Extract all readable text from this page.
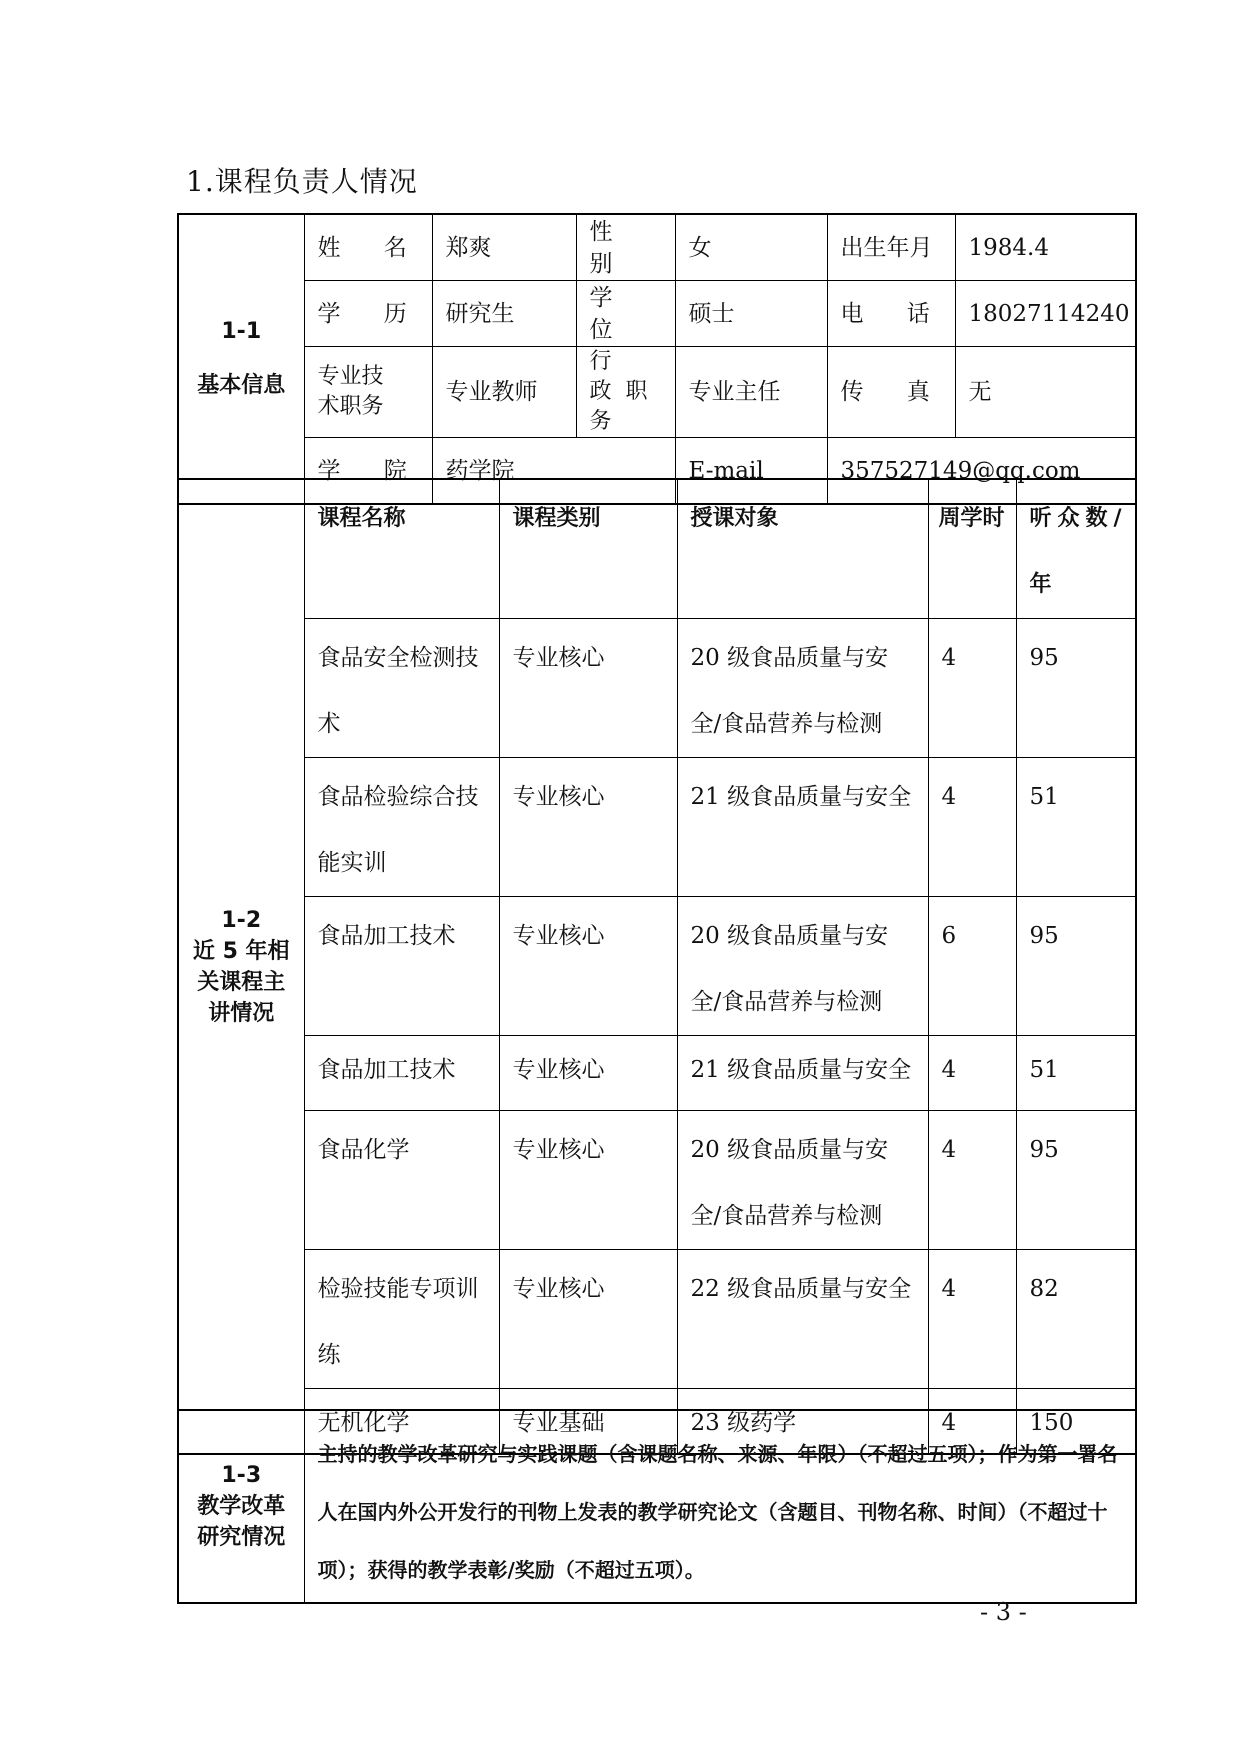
1.课程负责人情况
1-1
基本信息	姓 名	郑爽	性 别	女	出生年月	1984.4
	学 历	研究生	学 位	硕士	电 话	18027114240

	专业技术职务	专业教师	行 政职 务	专业主任	传 真	无
	学 院	药学院		E-mail	357527149@qq.com	
1-2
近 5 年相
关课程主
讲情况	课程名称	课程类别	授课对象	周学时	听众数/年
	食品安全检测技术	专业核心	20 级食品质量与安全/食品营养与检测	4	95
	食品检验综合技能实训	专业核心	21 级食品质量与安全	4	51
	食品加工技术	专业核心	20 级食品质量与安全/食品营养与检测	6	95
	食品加工技术	专业核心	21 级食品质量与安全	4	51
	食品化学	专业核心	20 级食品质量与安全/食品营养与检测	4	95
	检验技能专项训练	专业核心	22 级食品质量与安全	4	82
	无机化学	专业基础	23 级药学	4	150
1-3
教学改革
研究情况
	主持的教学改革研究与实践课题（含课题名称、来源、年限）（不超过五项）；作为第一署名人在国内外公开发行的刊物上发表的教学研究论文（含题目、刊物名称、时间）（不超过十项）；获得的教学表彰/奖励（不超过五项）。
- 3 -
